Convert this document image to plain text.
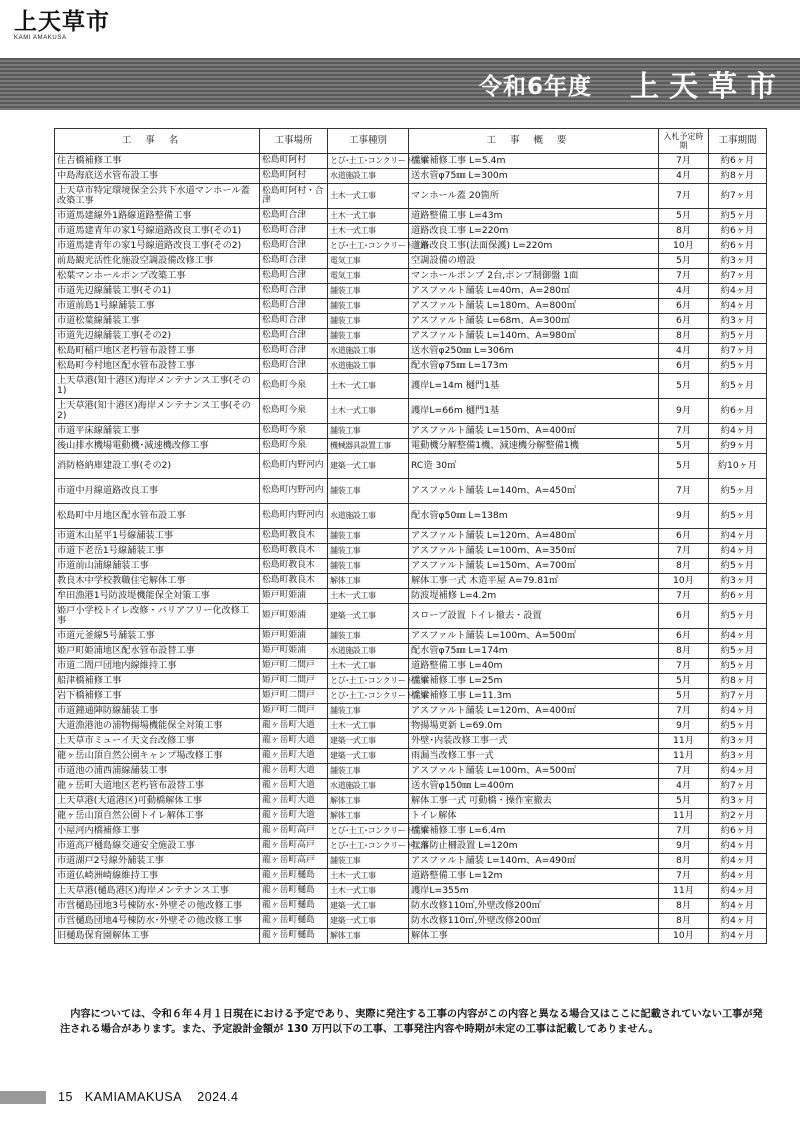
上天草市
KAMI AMAKUSA
令和6年度 上天草市
工事名	工事場所	工事種別	工事概要	入札予定時期	工事期間
住吉橋補修工事	松島町阿村	とび･土工･コンクリート工事	橋梁補修工事 L=5.4m	7月	約6ヶ月
中島海底送水管布設工事	松島町阿村	水道施設工事	送水管φ75㎜ L=300m	4月	約8ヶ月
上天草市特定環境保全公共下水道マンホール蓋改築工事	松島町阿村・合津	土木一式工事	マンホール蓋 20箇所	7月	約7ヶ月
市道馬建線外1路線道路整備工事	松島町合津	土木一式工事	道路整備工事 L=43m	5月	約5ヶ月
市道馬建青年の家1号線道路改良工事(その1)	松島町合津	土木一式工事	道路改良工事 L=220m	8月	約6ヶ月
市道馬建青年の家1号線道路改良工事(その2)	松島町合津	とび･土工･コンクリート工事	道路改良工事(法面保護) L=220m	10月	約6ヶ月
前島観光活性化施設空調設備改修工事	松島町合津	電気工事	空調設備の増設	5月	約3ヶ月
松葉マンホールポンプ改築工事	松島町合津	電気工事	マンホールポンプ 2台,ポンプ制御盤 1面	7月	約7ヶ月
市道先辺線舗装工事(その1)	松島町合津	舗装工事	アスファルト舗装 L=40m、A=280㎡	4月	約4ヶ月
市道前島1号線舗装工事	松島町合津	舗装工事	アスファルト舗装 L=180m、A=800㎡	6月	約4ヶ月
市道松葉線舗装工事	松島町合津	舗装工事	アスファルト舗装 L=68m、A=300㎡	6月	約3ヶ月
市道先辺線舗装工事(その2)	松島町合津	舗装工事	アスファルト舗装 L=140m、A=980㎡	8月	約5ヶ月
松島町稲戸地区老朽管布設替工事	松島町合津	水道施設工事	送水管φ250㎜ L=306m	4月	約7ヶ月
松島町今村地区配水管布設替工事	松島町合津	水道施設工事	配水管φ75㎜ L=173m	6月	約5ヶ月
上天草港(知十港区)海岸メンテナンス工事(その1)	松島町今泉	土木一式工事	護岸L=14m 樋門1基	5月	約5ヶ月
上天草港(知十港区)海岸メンテナンス工事(その2)	松島町今泉	土木一式工事	護岸L=66m 樋門1基	9月	約6ヶ月
市道平床線舗装工事	松島町今泉	舗装工事	アスファルト舗装 L=150m、A=400㎡	7月	約4ヶ月
後山排水機場電動機･減速機改修工事	松島町今泉	機械器具設置工事	電動機分解整備1機、減速機分解整備1機	5月	約9ヶ月
消防格納庫建設工事(その2)	松島町内野河内	建築一式工事	RC造 30㎡	5月	約10ヶ月
市道中月線道路改良工事	松島町内野河内	舗装工事	アスファルト舗装 L=140m、A=450㎡	7月	約5ヶ月
松島町中月地区配水管布設工事	松島町内野河内	水道施設工事	配水管φ50㎜ L=138m	9月	約5ヶ月
市道木山星平1号線舗装工事	松島町教良木	舗装工事	アスファルト舗装 L=120m、A=480㎡	6月	約4ヶ月
市道下老岳1号線舗装工事	松島町教良木	舗装工事	アスファルト舗装 L=100m、A=350㎡	7月	約4ヶ月
市道前山浦線舗装工事	松島町教良木	舗装工事	アスファルト舗装 L=150m、A=700㎡	8月	約5ヶ月
教良木中学校教職住宅解体工事	松島町教良木	解体工事	解体工事一式 木造平屋 A=79.81㎡	10月	約3ヶ月
牟田漁港1号防波堤機能保全対策工事	姫戸町姫浦	土木一式工事	防波堤補修 L=4.2m	7月	約6ヶ月
姫戸小学校トイレ改修・バリアフリー化改修工事	姫戸町姫浦	建築一式工事	スロープ設置 トイレ撤去・設置	6月	約5ヶ月
市道元釜線5号舗装工事	姫戸町姫浦	舗装工事	アスファルト舗装 L=100m、A=500㎡	6月	約4ヶ月
姫戸町姫浦地区配水管布設替工事	姫戸町姫浦	水道施設工事	配水管φ75㎜ L=174m	8月	約5ヶ月
市道二間戸団地内線維持工事	姫戸町二間戸	土木一式工事	道路整備工事 L=40m	7月	約5ヶ月
船津橋補修工事	姫戸町二間戸	とび･土工･コンクリート工事	橋梁補修工事 L=25m	5月	約8ヶ月
岩下橋補修工事	姫戸町二間戸	とび･土工･コンクリート工事	橋梁補修工事 L=11.3m	5月	約7ヶ月
市道鐘通陣防線舗装工事	姫戸町二間戸	舗装工事	アスファルト舗装 L=120m、A=400㎡	7月	約4ヶ月
大道漁港池の浦物揚場機能保全対策工事	龍ヶ岳町大道	土木一式工事	物揚場更新 L=69.0m	9月	約5ヶ月
上天草市ミューイ天文台改修工事	龍ヶ岳町大道	建築一式工事	外壁･内装改修工事一式	11月	約3ヶ月
龍ヶ岳山頂自然公園キャンプ場改修工事	龍ヶ岳町大道	建築一式工事	雨漏当改修工事一式	11月	約3ヶ月
市道池の浦西浦線舗装工事	龍ヶ岳町大道	舗装工事	アスファルト舗装 L=100m、A=500㎡	7月	約4ヶ月
龍ヶ岳町大道地区老朽管布設替工事	龍ヶ岳町大道	水道施設工事	送水管φ150㎜ L=400m	4月	約7ヶ月
上天草港(大道港区)可動橋解体工事	龍ヶ岳町大道	解体工事	解体工事一式 可動橋・操作室撤去	5月	約3ヶ月
龍ヶ岳山頂自然公園トイレ解体工事	龍ヶ岳町大道	解体工事	トイレ解体	11月	約2ヶ月
小屋河内橋補修工事	龍ヶ岳町高戸	とび･土工･コンクリート工事	橋梁補修工事 L=6.4m	7月	約6ヶ月
市道高戸樋島線交通安全施設工事	龍ヶ岳町高戸	とび･土工･コンクリート工事	転落防止柵設置 L=120m	9月	約4ヶ月
市道湖戸2号線外舗装工事	龍ヶ岳町高戸	舗装工事	アスファルト舗装 L=140m、A=490㎡	8月	約4ヶ月
市道仏崎洲崎線維持工事	龍ヶ岳町樋島	土木一式工事	道路整備工事 L=12m	7月	約4ヶ月
上天草港(樋島港区)海岸メンテナンス工事	龍ヶ岳町樋島	土木一式工事	護岸L=355m	11月	約4ヶ月
市営樋島団地3号棟防水･外壁その他改修工事	龍ヶ岳町樋島	建築一式工事	防水改修110㎡,外壁改修200㎡	8月	約4ヶ月
市営樋島団地4号棟防水･外壁その他改修工事	龍ヶ岳町樋島	建築一式工事	防水改修110㎡,外壁改修200㎡	8月	約4ヶ月
旧樋島保育園解体工事	龍ヶ岳町樋島	解体工事	解体工事	10月	約4ヶ月
内容については、令和６年４月１日現在における予定であり、実際に発注する工事の内容がこの内容と異なる場合又はここに記載されていない工事が発注される場合があります。また、予定設計金額が 130 万円以下の工事、工事発注内容や時期が未定の工事は記載してありません。
15 KAMIAMAKUSA 2024.4
